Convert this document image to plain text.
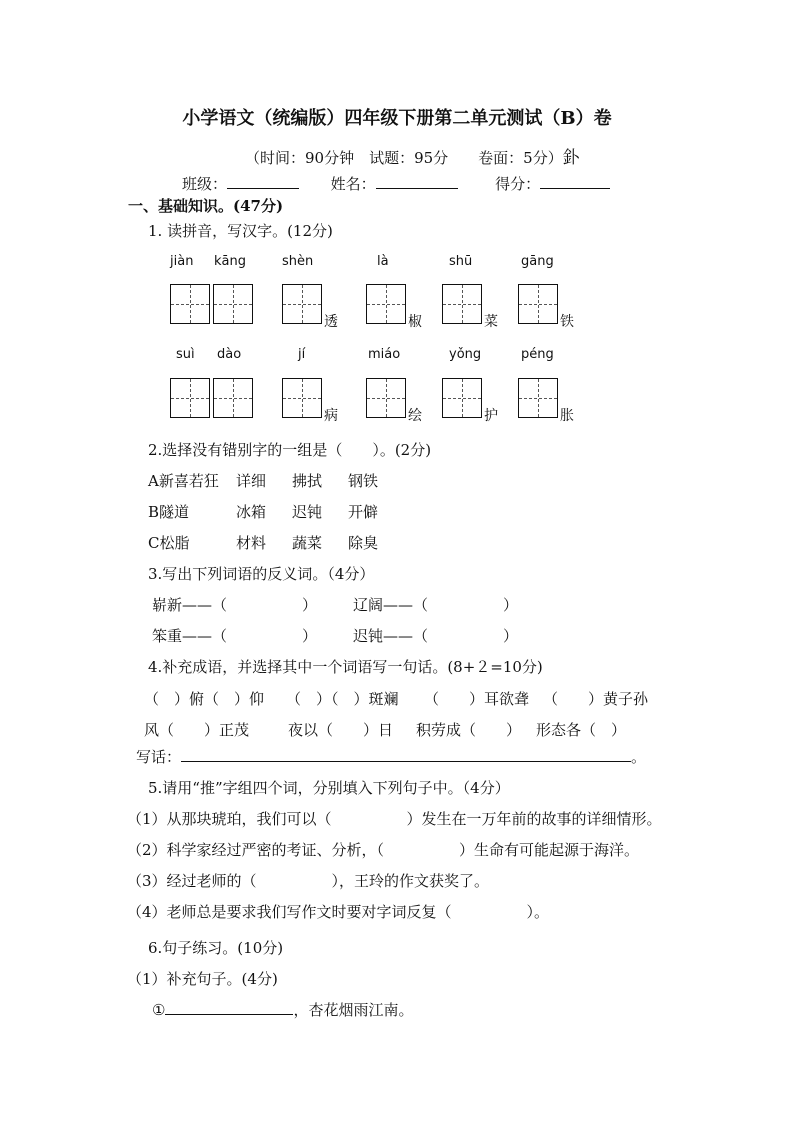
小学语文（统编版）四年级下册第二单元测试（B）卷
（时间：90分钟　试题：95分　　卷面：5分）釙
班级：	姓名：	得分：
一、基础知识。(47分)
1. 读拼音，写汉字。(12分)
jiàn kāng	shèn	là	shū	gāng
透	椒	菜	铁
suì dào	jí	miáo	yǒng	péng
病	绘	护	胀
2.选择没有错别字的一组是（　　）。(2分)
A新喜若狂 详细 拂拭 钢铁
B隧道	冰箱 迟钝 开僻
C松脂	材料 蔬菜 除臭
3.写出下列词语的反义词。（4分）
崭新——（　　　　　） 辽阔——（　　　　　）
笨重——（　　　　　） 迟钝——（　　　　　）
4.补充成语，并选择其中一个词语写一句话。(8+２=10分)
（　）俯（　）仰 （　）（　）斑斓 （　　）耳欲聋 （　　）黄子孙
风（　　）正茂	夜以（　　）日 积劳成（　　） 形态各（　）
写话：	。
5.请用“推”字组四个词，分别填入下列句子中。（4分）
（1）从那块琥珀，我们可以（　　　　　）发生在一万年前的故事的详细情形。
（2）科学家经过严密的考证、分析，（　　　　　）生命有可能起源于海洋。
（3）经过老师的（　　　　　），王玲的作文获奖了。
（4）老师总是要求我们写作文时要对字词反复（　　　　　）。
6.句子练习。(10分)
（1）补充句子。(4分)
①	，杏花烟雨江南。
